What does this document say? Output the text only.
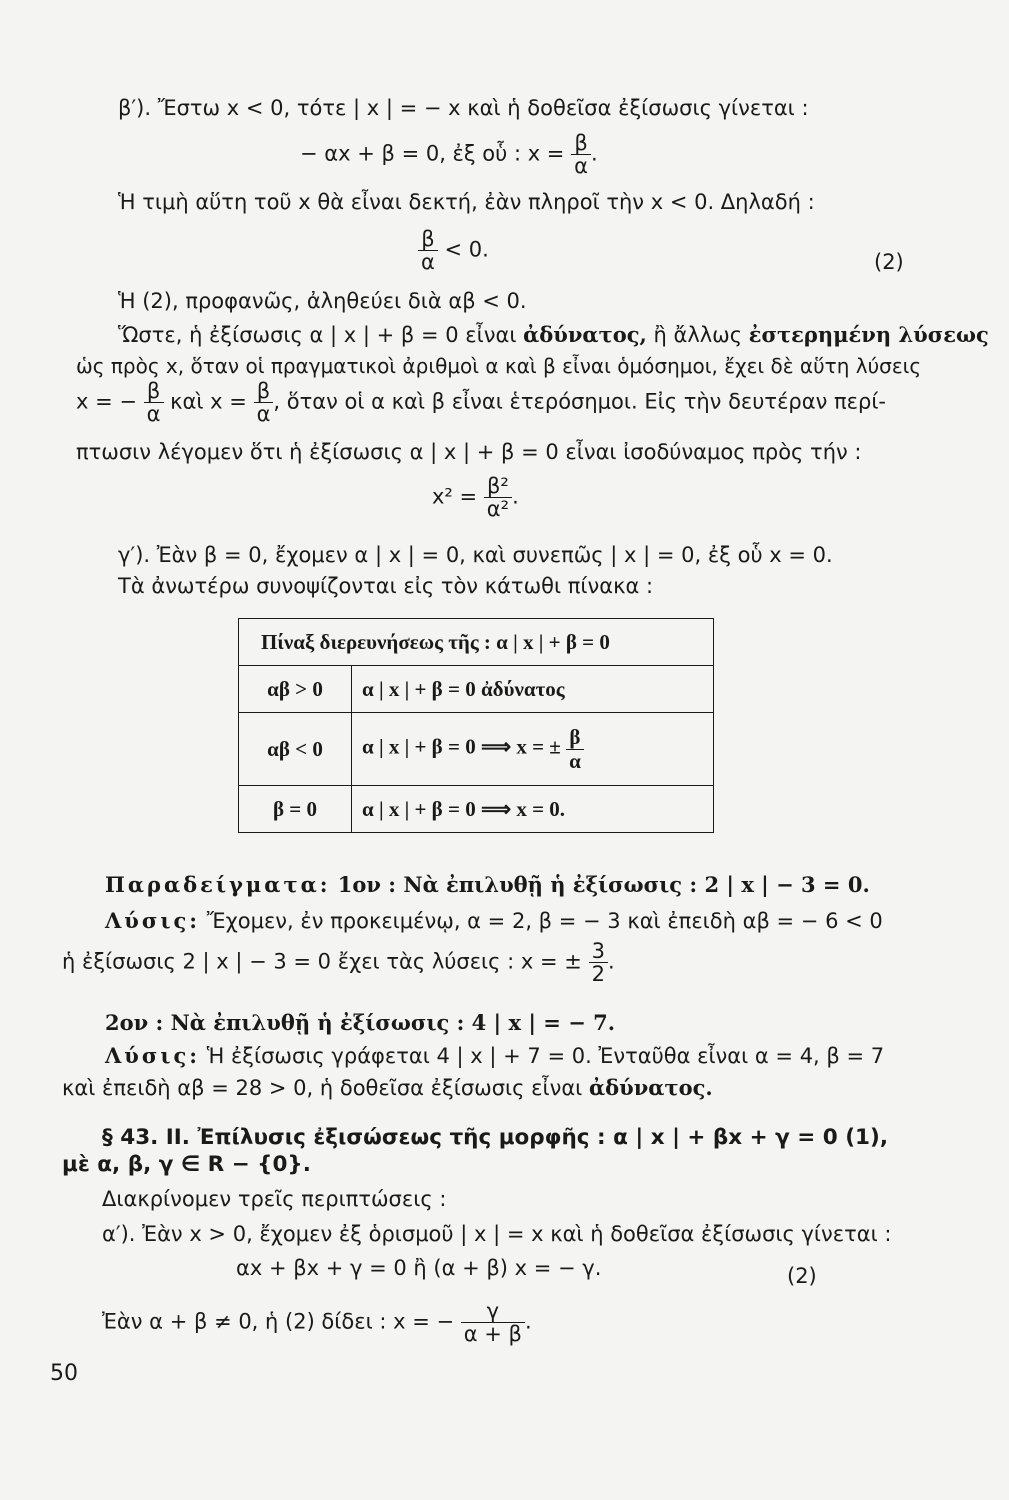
β′). Ἔστω x < 0, τότε | x | = − x καὶ ἡ δοθεῖσα ἐξίσωσις γίνεται :
− αx + β = 0, ἐξ οὗ : $x = \frac{\beta}{\alpha}$ .
Ἡ τιμὴ αὕτη τοῦ x θὰ εἶναι δεκτή, ἐὰν πληροῖ τὴν x < 0. Δηλαδή :
$\frac{\beta}{\alpha} < 0$.
(2)
Ἡ (2), προφανῶς, ἀληθεύει διὰ αβ < 0.
Ὥστε, ἡ ἐξίσωσις α | x | + β = 0 εἶναι ἀδύνατος, ἢ ἄλλως ἐστερημένη λύσεως
ὡς πρὸς x, ὅταν οἱ πραγματικοὶ ἀριθμοὶ α καὶ β εἶναι ὁμόσημοι, ἔχει δὲ αὕτη λύσεις
x = − $\frac{\beta}{\alpha}$ καὶ $x = \frac{\beta}{\alpha}$ , ὅταν οἱ α καὶ β εἶναι ἑτερόσημοι. Εἰς τὴν δευτέραν περί-
πτωσιν λέγομεν ὅτι ἡ ἐξίσωσις α | x | + β = 0 εἶναι ἰσοδύναμος πρὸς τήν :
$x^2 = \frac{\text{β²}}{\text{α²}}$ .
γ′). Ἐὰν β = 0, ἔχομεν α | x | = 0, καὶ συνεπῶς | x | = 0, ἐξ οὗ x = 0.
Τὰ ἀνωτέρω συνοψίζονται εἰς τὸν κάτωθι πίνακα :
Πίναξ διερευνήσεως τῆς : α | x | + β = 0	
αβ > 0	α | x | + β = 0 ἀδύνατος
αβ < 0	α | x | + β = 0 ⟹ x = ± $\frac{\beta}{\alpha}$

β = 0	α | x | + β = 0 ⟹ x = 0.
Παραδείγματα: 1ον : Νὰ ἐπιλυθῇ ἡ ἐξίσωσις : 2 | x | − 3 = 0.
Λύσις: Ἔχομεν, ἐν προκειμένῳ, α = 2, β = − 3 καὶ ἐπειδὴ αβ = − 6 < 0
ἡ ἐξίσωσις 2 | x | − 3 = 0 ἔχει τὰς λύσεις : x = ± $\frac{3}{2}$ .
2ον : Νὰ ἐπιλυθῇ ἡ ἐξίσωσις : 4 | x | = − 7.
Λύσις: Ἡ ἐξίσωσις γράφεται 4 | x | + 7 = 0. Ἐνταῦθα εἶναι α = 4, β = 7
καὶ ἐπειδὴ αβ = 28 > 0, ἡ δοθεῖσα ἐξίσωσις εἶναι ἀδύνατος.
§ 43. II. Ἐπίλυσις ἐξισώσεως τῆς μορφῆς : α | x | + βx + γ = 0 (1),
μὲ α, β, γ ∈ R − {0}.
Διακρίνομεν τρεῖς περιπτώσεις :
α′). Ἐὰν x > 0, ἔχομεν ἐξ ὁρισμοῦ | x | = x καὶ ἡ δοθεῖσα ἐξίσωσις γίνεται :
αx + βx + γ = 0 ἢ (α + β) x = − γ.	(2)
Ἐὰν α + β ≠ 0, ἡ (2) δίδει : x = − $\frac{\gamma}{\alpha + \beta}$ .
50
